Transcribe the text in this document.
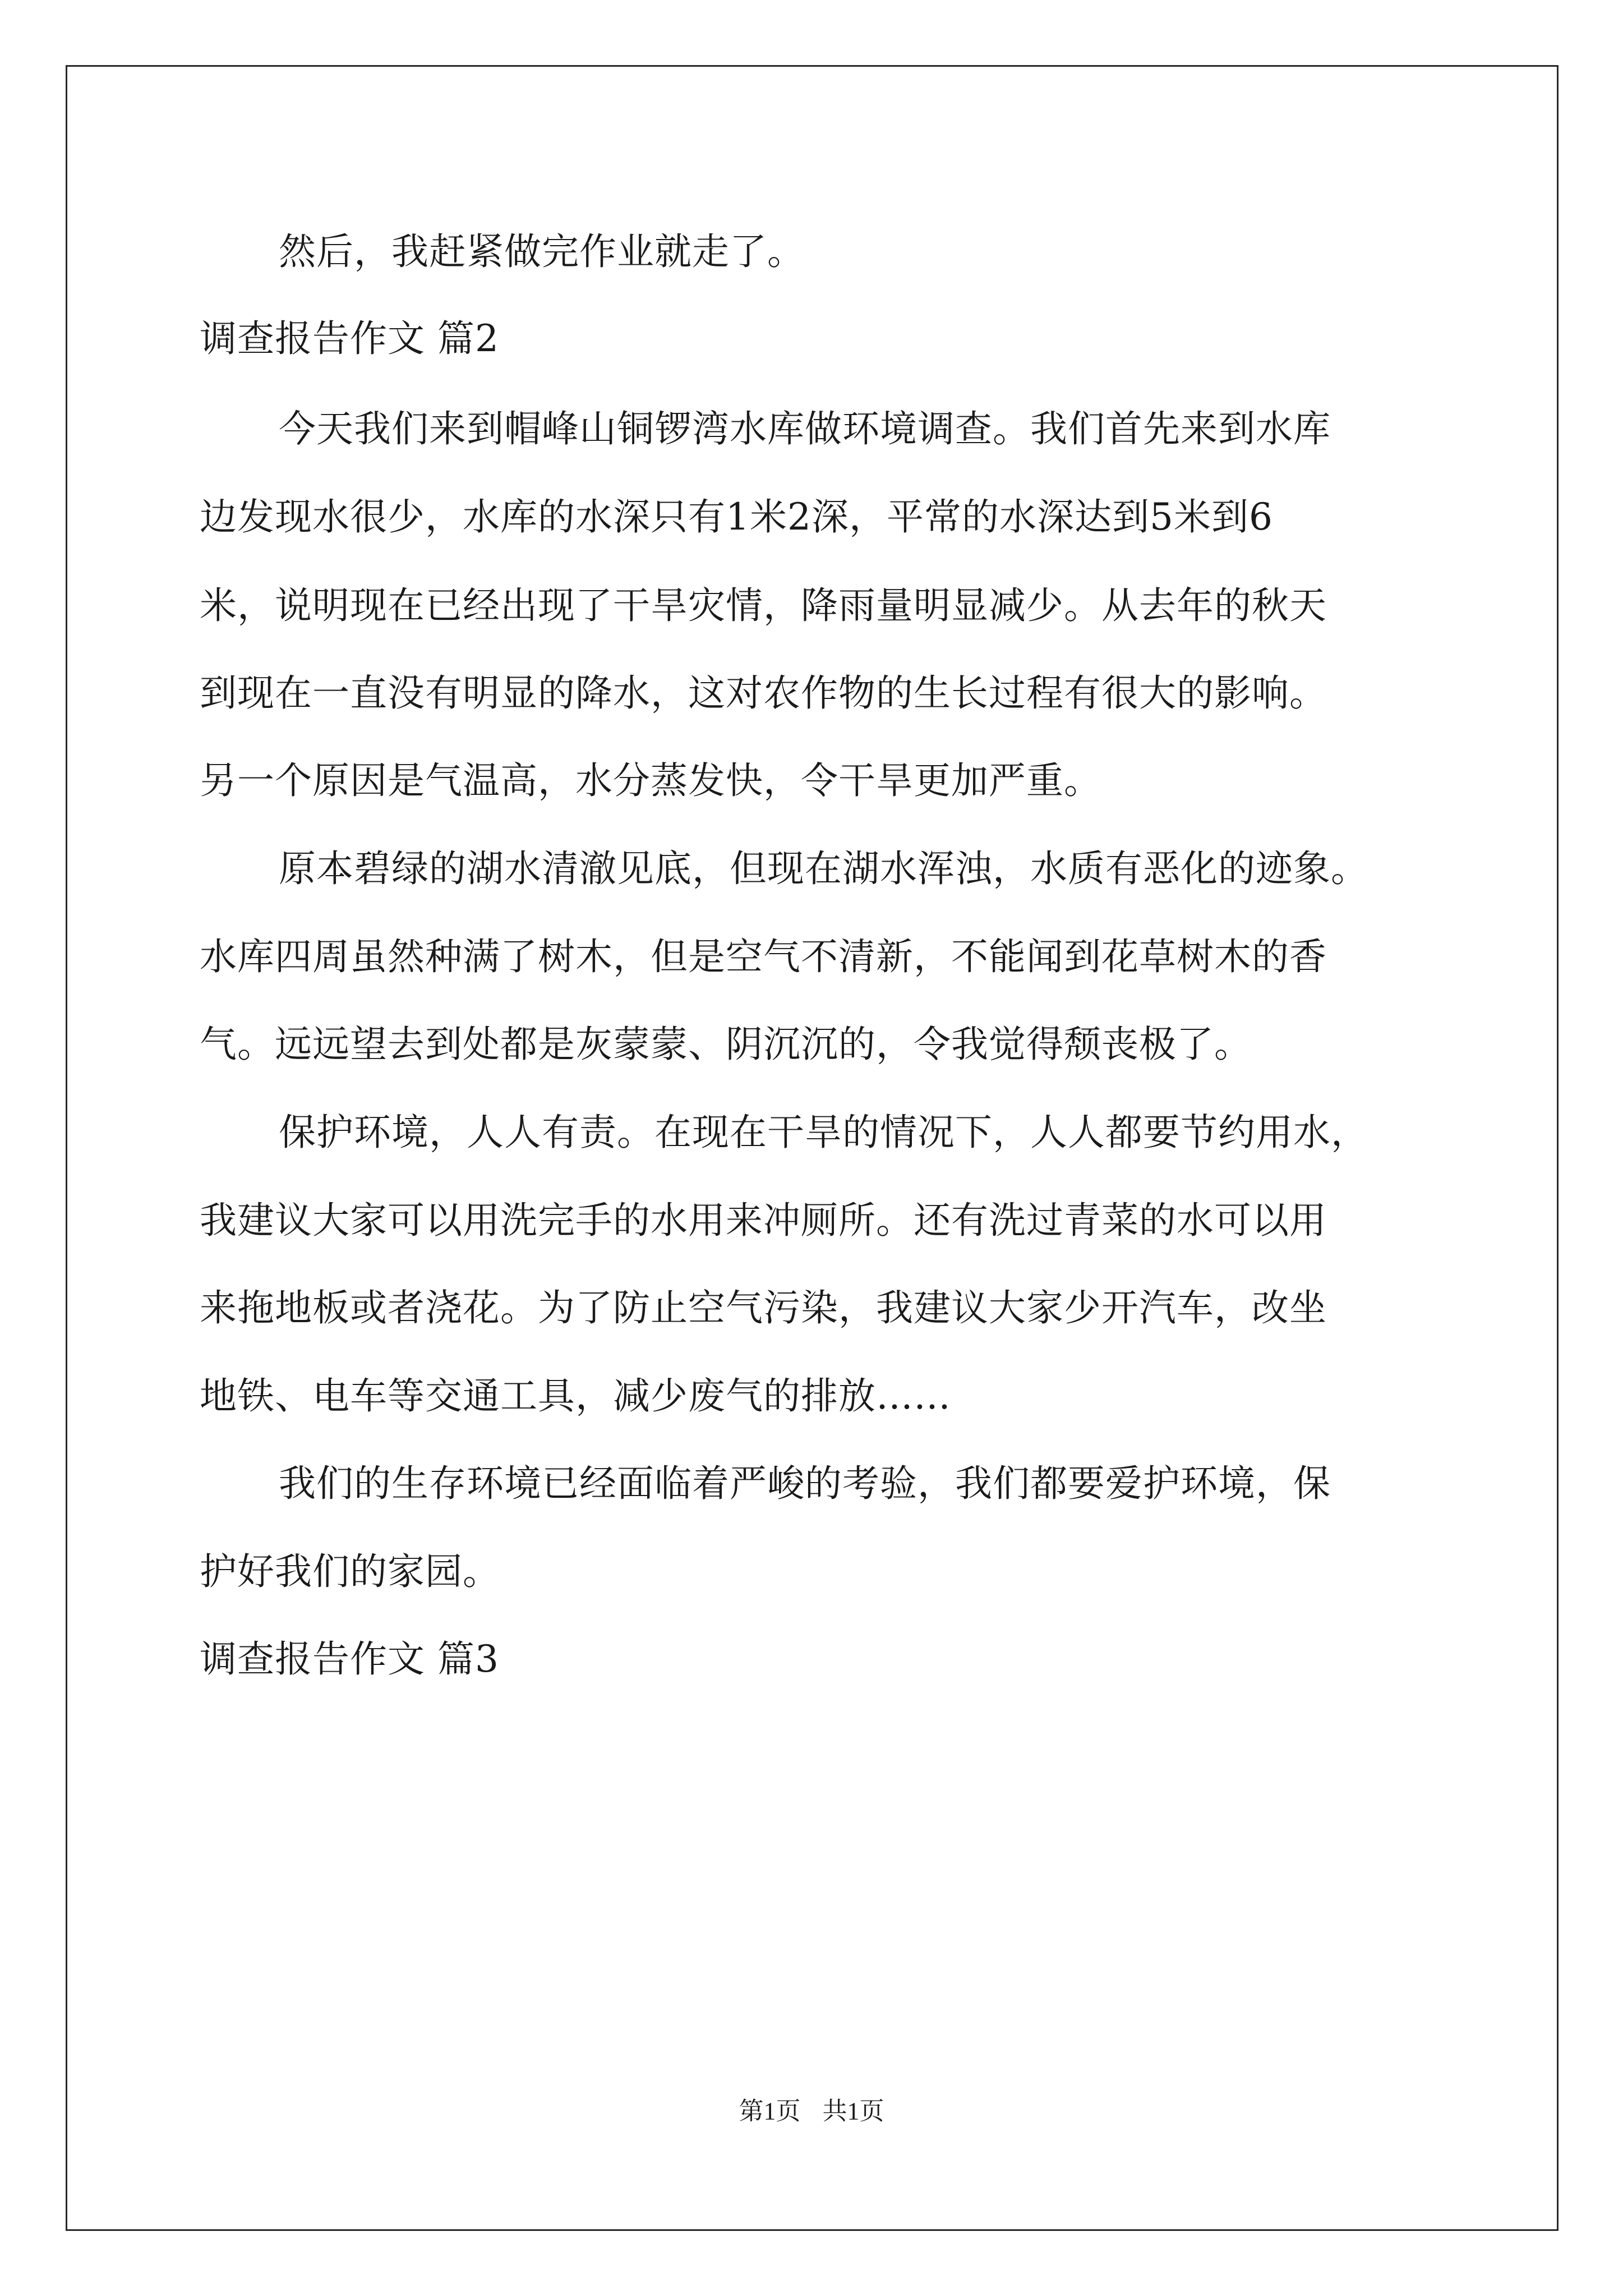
然后，我赶紧做完作业就走了。
调查报告作文 篇2
今天我们来到帽峰山铜锣湾水库做环境调查。我们首先来到水库
边发现水很少，水库的水深只有1米2深，平常的水深达到5米到6
米，说明现在已经出现了干旱灾情，降雨量明显减少。从去年的秋天
到现在一直没有明显的降水，这对农作物的生长过程有很大的影响。
另一个原因是气温高，水分蒸发快，令干旱更加严重。
原本碧绿的湖水清澈见底，但现在湖水浑浊，水质有恶化的迹象。
水库四周虽然种满了树木，但是空气不清新，不能闻到花草树木的香
气。远远望去到处都是灰蒙蒙、阴沉沉的，令我觉得颓丧极了。
保护环境，人人有责。在现在干旱的情况下，人人都要节约用水，
我建议大家可以用洗完手的水用来冲厕所。还有洗过青菜的水可以用
来拖地板或者浇花。为了防止空气污染，我建议大家少开汽车，改坐
地铁、电车等交通工具，减少废气的排放……
我们的生存环境已经面临着严峻的考验，我们都要爱护环境，保
护好我们的家园。
调查报告作文 篇3
第1页 共1页
